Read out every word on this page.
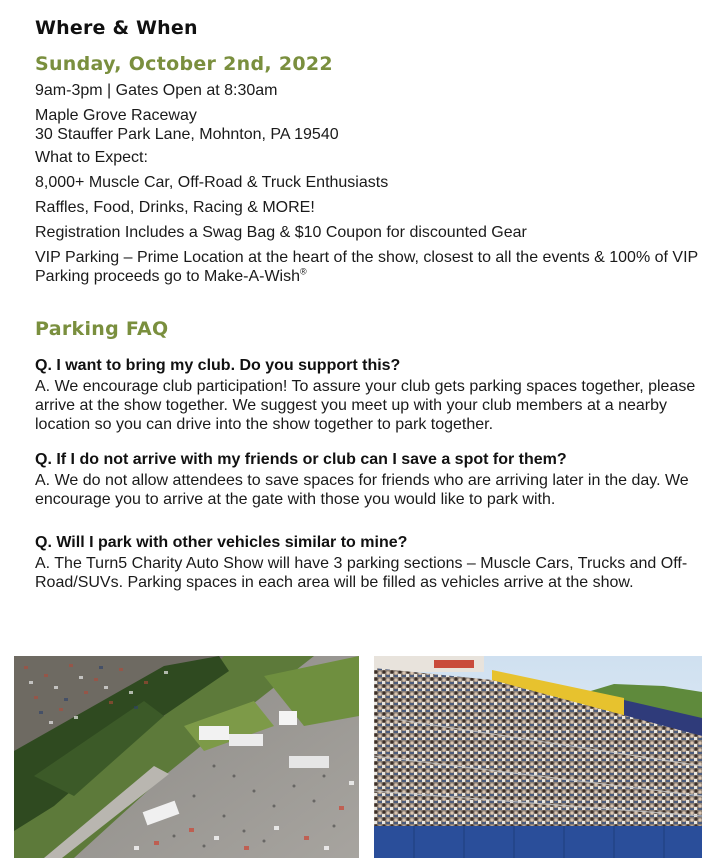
Where & When
Sunday, October 2nd, 2022

9am-3pm | Gates Open at 8:30am

Maple Grove Raceway

30 Stauffer Park Lane, Mohnton, PA 19540

What to Expect:

8,000+ Muscle Car, Off-Road & Truck Enthusiasts

Raffles, Food, Drinks, Racing & MORE!

Registration Includes a Swag Bag & $10 Coupon for discounted Gear

VIP Parking – Prime Location at the heart of the show, closest to all the events & 100% of VIP Parking proceeds go to Make-A-Wish®

Parking FAQ

Q. I want to bring my club. Do you support this?

A. We encourage club participation! To assure your club gets parking spaces together, please arrive at the show together. We suggest you meet up with your club members at a nearby location so you can drive into the show together to park together.

Q. If I do not arrive with my friends or club can I save a spot for them?

A. We do not allow attendees to save spaces for friends who are arriving later in the day. We encourage you to arrive at the gate with those you would like to park with.

Q. Will I park with other vehicles similar to mine?

A. The Turn5 Charity Auto Show will have 3 parking sections – Muscle Cars, Trucks and Off-Road/SUVs. Parking spaces in each area will be filled as vehicles arrive at the show.
